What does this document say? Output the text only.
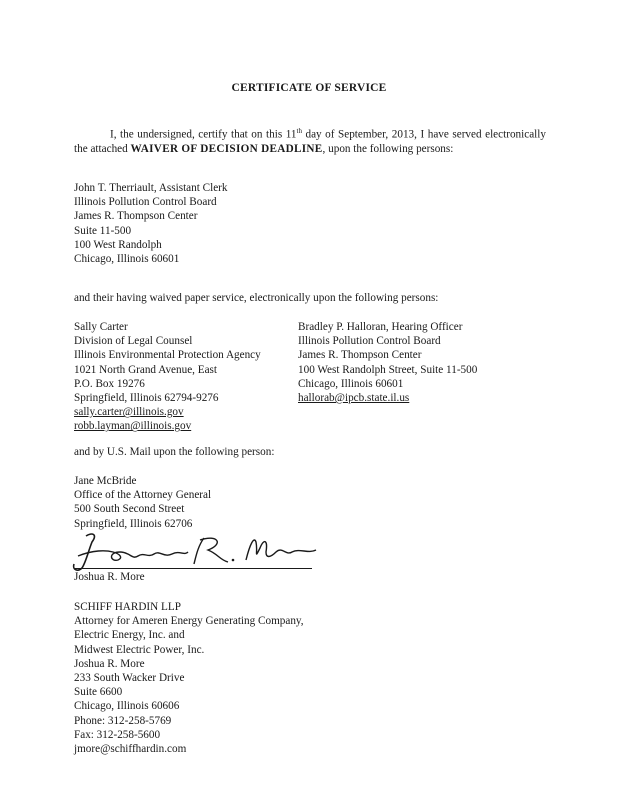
CERTIFICATE OF SERVICE
I, the undersigned, certify that on this 11th day of September, 2013, I have served electronically the attached WAIVER OF DECISION DEADLINE, upon the following persons:
John T. Therriault, Assistant Clerk
Illinois Pollution Control Board
James R. Thompson Center
Suite 11-500
100 West Randolph
Chicago, Illinois 60601
and their having waived paper service, electronically upon the following persons:
Sally Carter
Division of Legal Counsel
Illinois Environmental Protection Agency
1021 North Grand Avenue, East
P.O. Box 19276
Springfield, Illinois 62794-9276
sally.carter@illinois.gov
robb.layman@illinois.gov
Bradley P. Halloran, Hearing Officer
Illinois Pollution Control Board
James R. Thompson Center
100 West Randolph Street, Suite 11-500
Chicago, Illinois 60601
hallorab@ipcb.state.il.us
and by U.S. Mail upon the following person:
Jane McBride
Office of the Attorney General
500 South Second Street
Springfield, Illinois 62706
Joshua R. More
SCHIFF HARDIN LLP
Attorney for Ameren Energy Generating Company,
Electric Energy, Inc. and
Midwest Electric Power, Inc.
Joshua R. More
233 South Wacker Drive
Suite 6600
Chicago, Illinois 60606
Phone: 312-258-5769
Fax: 312-258-5600
jmore@schiffhardin.com
